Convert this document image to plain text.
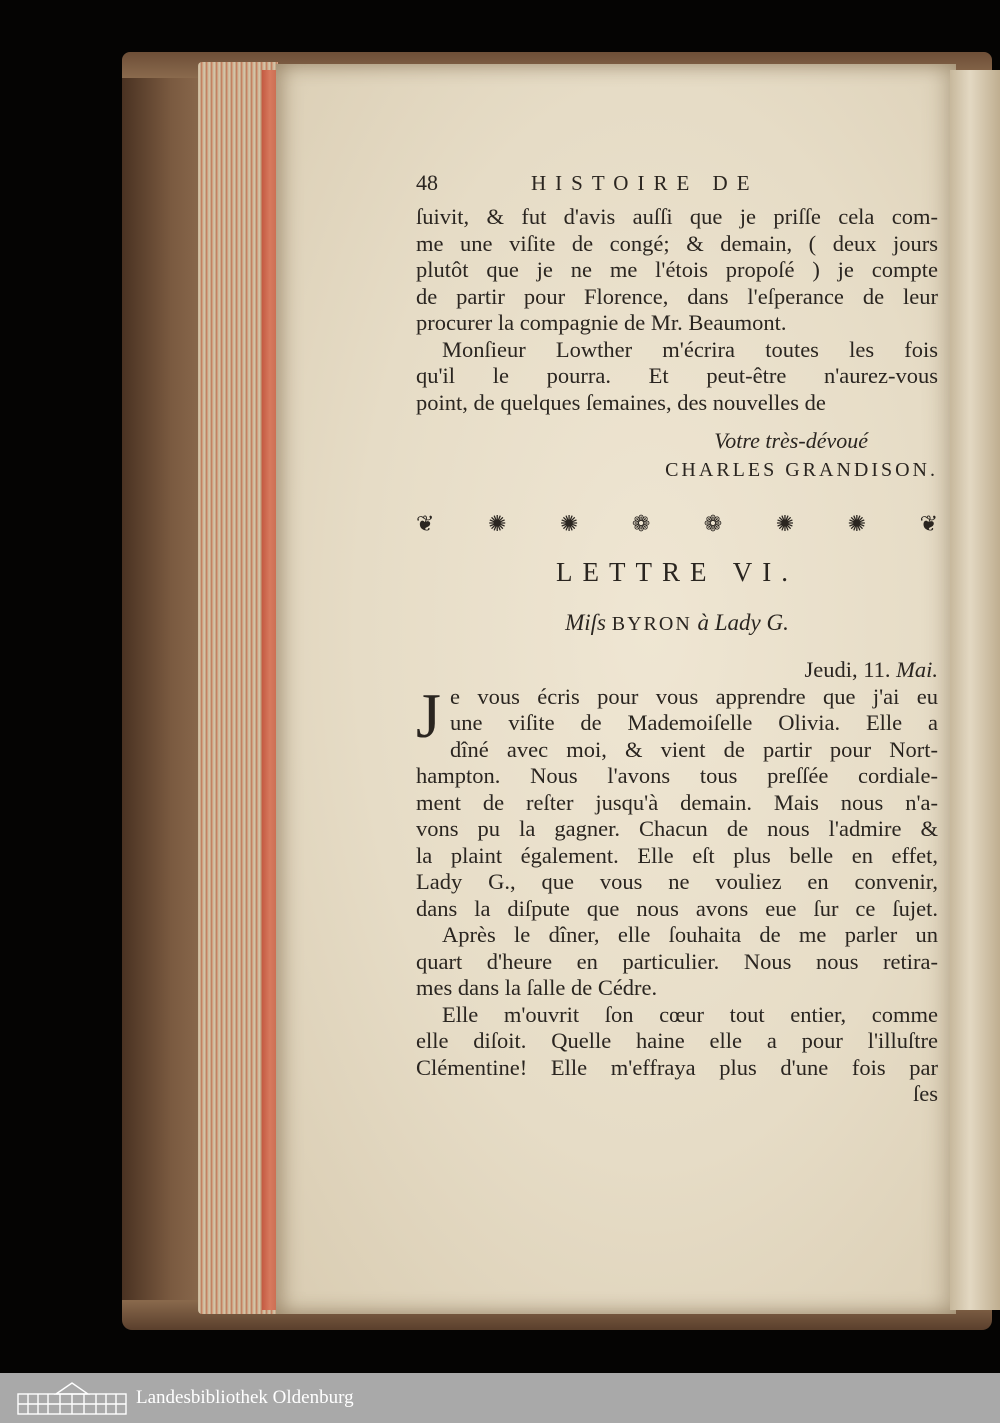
48	HISTOIRE DE
ſuivit, & fut d'avis auſſi que je priſſe cela com-
me une viſite de congé; & demain, ( deux jours
plutôt que je ne me l'étois propoſé ) je compte
de partir pour Florence, dans l'eſperance de leur
procurer la compagnie de Mr. Beaumont.
Monſieur Lowther m'écrira toutes les fois
qu'il le pourra. Et peut-être n'aurez-vous
point, de quelques ſemaines, des nouvelles de
Votre très-dévoué
CHARLES GRANDISON.
❦ ✺ ✺ ❁ ❁ ✺ ✺ ❦
LETTRE VI.
Miſs BYRON à Lady G.
Jeudi, 11. Mai.
J e vous écris pour vous apprendre que j'ai eu
une viſite de Mademoiſelle Olivia. Elle a
dîné avec moi, & vient de partir pour Nort-
hampton. Nous l'avons tous preſſée cordiale-
ment de reſter jusqu'à demain. Mais nous n'a-
vons pu la gagner. Chacun de nous l'admire &
la plaint également. Elle eſt plus belle en effet,
Lady G., que vous ne vouliez en convenir,
dans la diſpute que nous avons eue ſur ce ſujet.
Après le dîner, elle ſouhaita de me parler un
quart d'heure en particulier. Nous nous retira-
mes dans la ſalle de Cédre.
Elle m'ouvrit ſon cœur tout entier, comme
elle diſoit. Quelle haine elle a pour l'illuſtre
Clémentine! Elle m'effraya plus d'une fois par
ſes
Landesbibliothek Oldenburg
